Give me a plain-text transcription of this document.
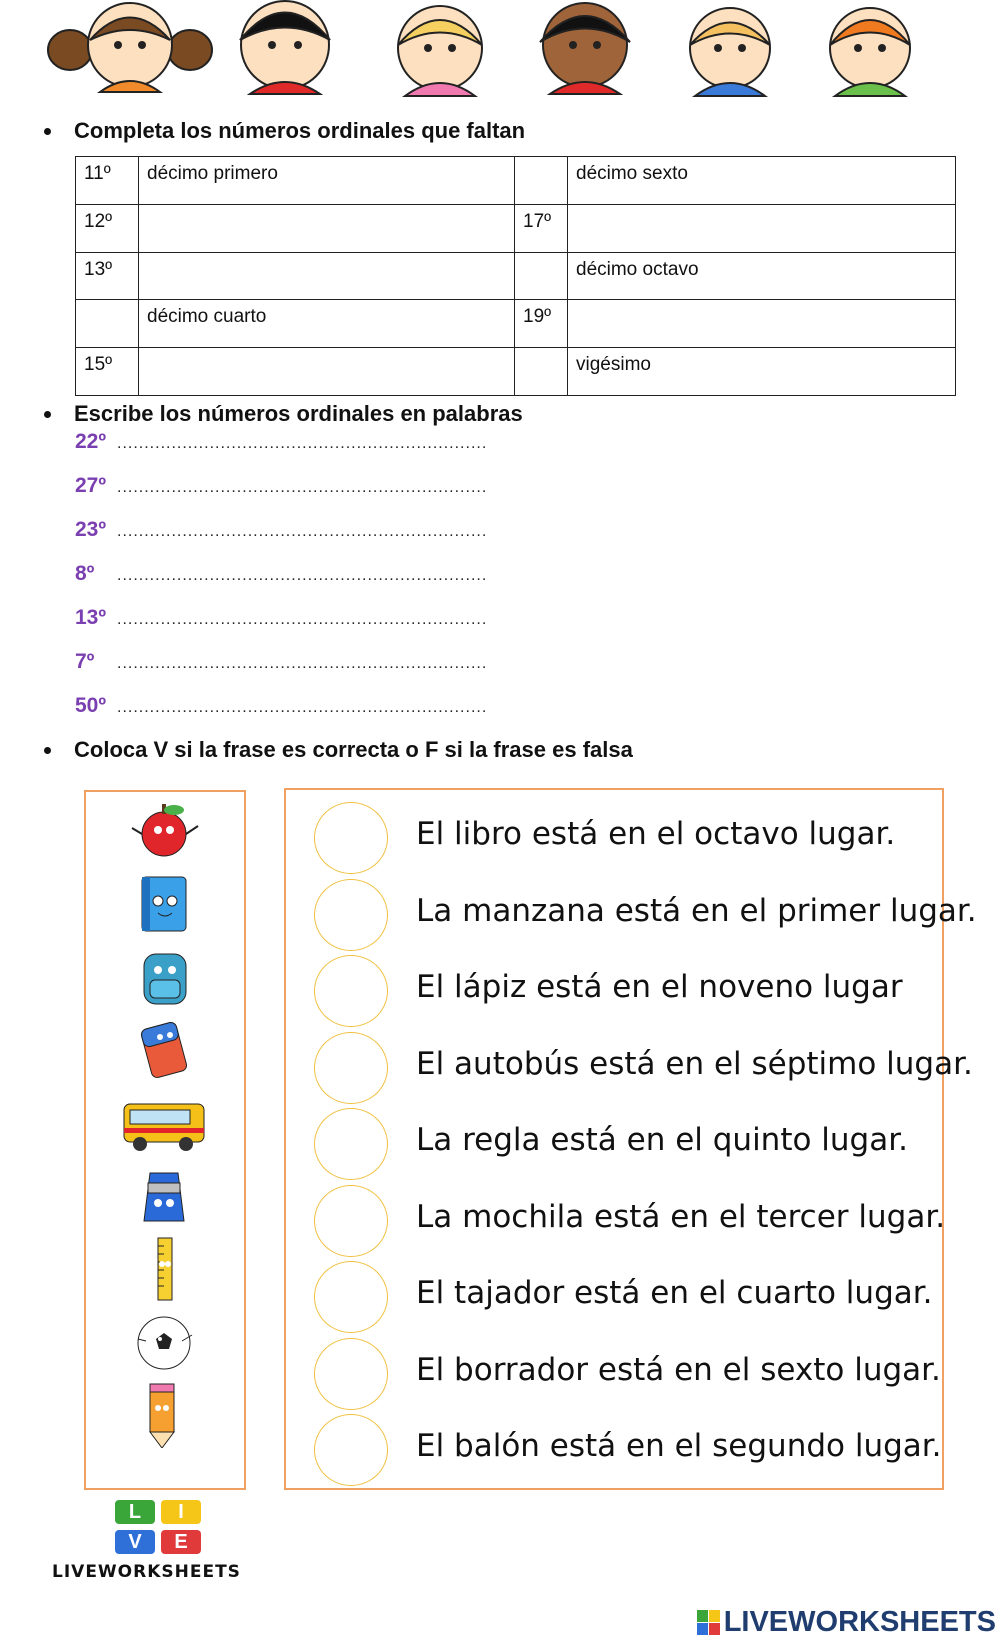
Completa los números ordinales que faltan
11º	décimo primero		décimo sexto
12º		17º	
13º			décimo octavo
	décimo cuarto	19º	
15º			vigésimo
Escribe los números ordinales en palabras
22º ....................................................................
27º ....................................................................
23º ....................................................................
8º	....................................................................
13º ....................................................................
7º	....................................................................
50º ....................................................................
Coloca V si la frase es correcta o F si la frase es falsa
El libro está en el octavo lugar.
La manzana está en el primer lugar.
El lápiz está en el noveno lugar
El autobús está en el séptimo lugar.
La regla está en el quinto lugar.
La mochila está en el tercer lugar.
El tajador está en el cuarto lugar.
El borrador está en el sexto lugar.
El balón está en el segundo lugar.
L	I
V	E
LIVEWORKSHEETS
LIVEWORKSHEETS
